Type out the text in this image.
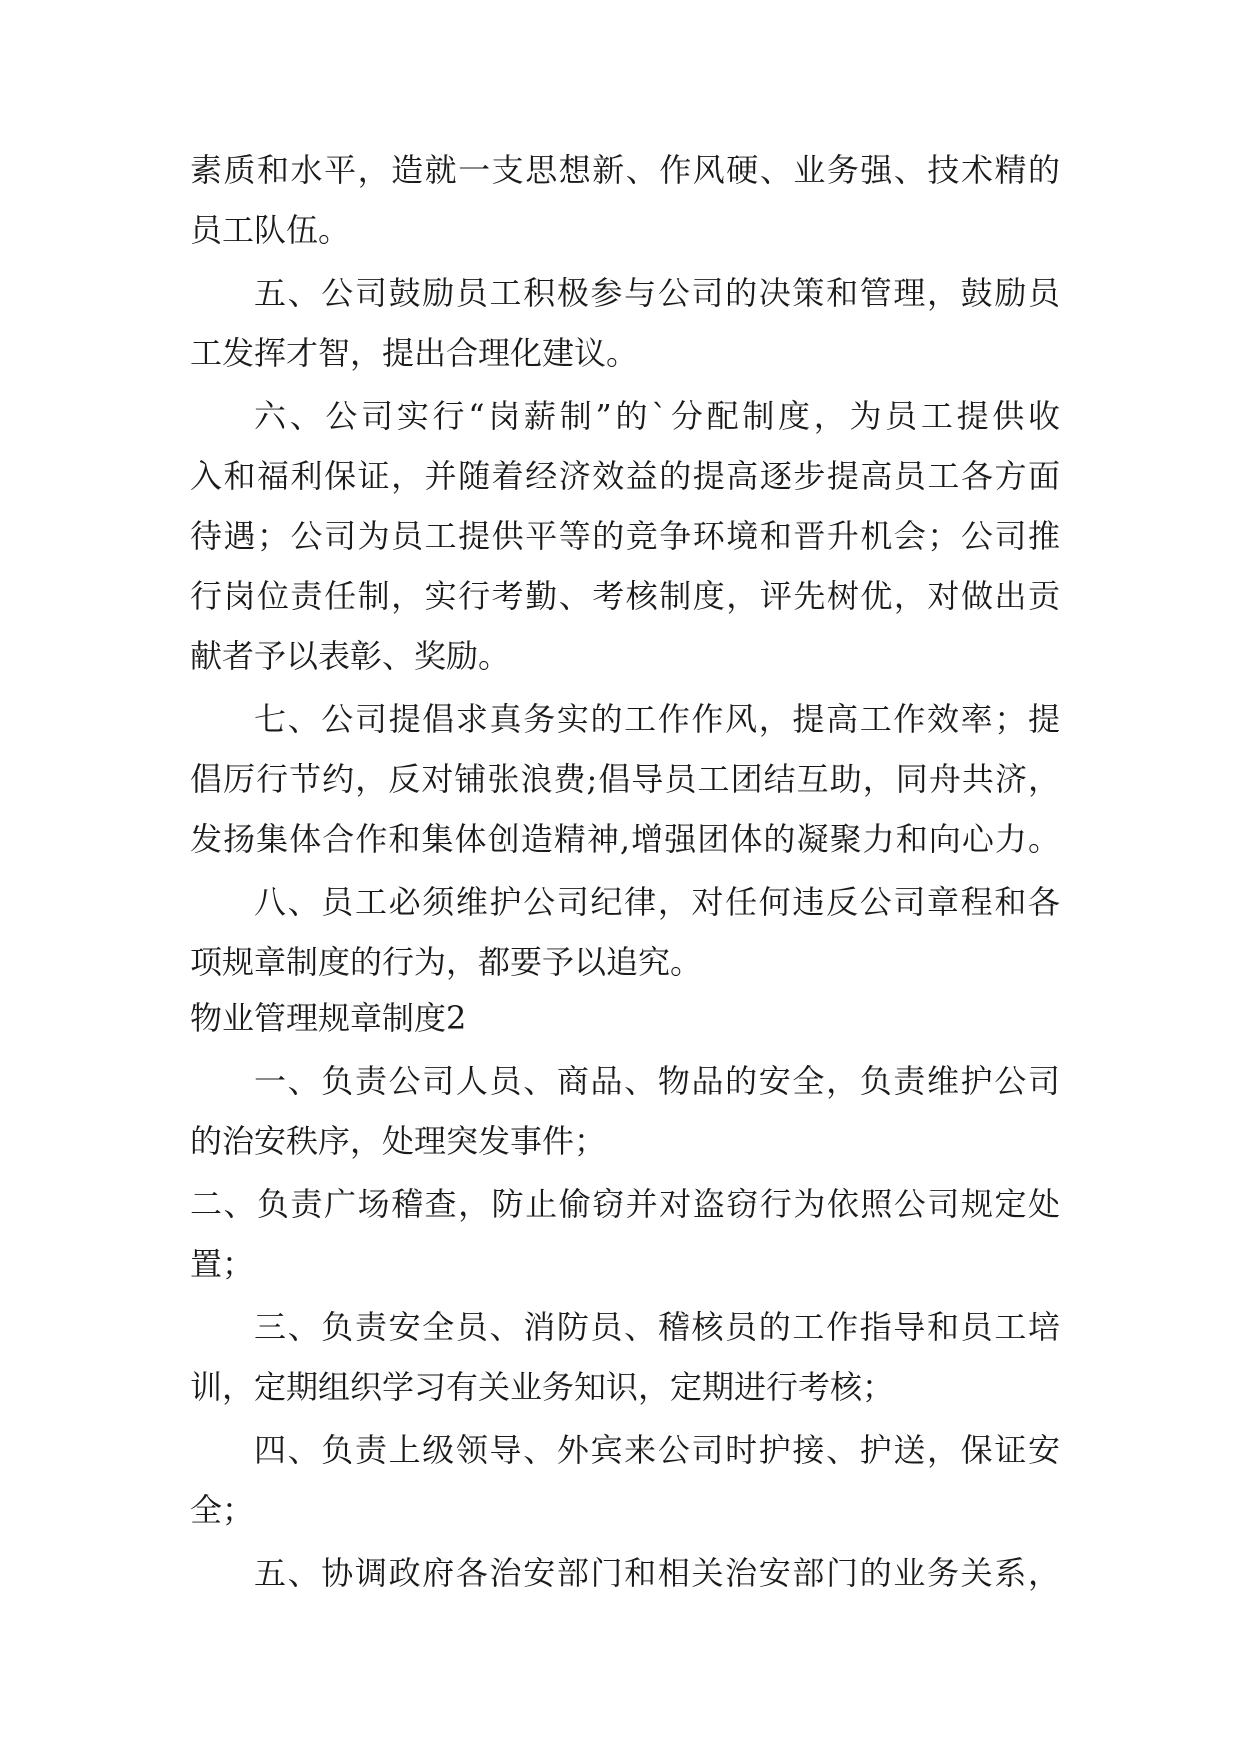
素质和水平，造就一支思想新、作风硬、业务强、技术精的
员工队伍。
五、公司鼓励员工积极参与公司的决策和管理，鼓励员
工发挥才智，提出合理化建议。
六、公司实行“岗薪制”的`分配制度，为员工提供收
入和福利保证，并随着经济效益的提高逐步提高员工各方面
待遇；公司为员工提供平等的竞争环境和晋升机会；公司推
行岗位责任制，实行考勤、考核制度，评先树优，对做出贡
献者予以表彰、奖励。
七、公司提倡求真务实的工作作风，提高工作效率；提
倡厉行节约，反对铺张浪费;倡导员工团结互助，同舟共济，
发扬集体合作和集体创造精神,增强团体的凝聚力和向心力。
八、员工必须维护公司纪律，对任何违反公司章程和各
项规章制度的行为，都要予以追究。
物业管理规章制度2
一、负责公司人员、商品、物品的安全，负责维护公司
的治安秩序，处理突发事件；
二、负责广场稽查，防止偷窃并对盗窃行为依照公司规定处
置；
三、负责安全员、消防员、稽核员的工作指导和员工培
训，定期组织学习有关业务知识，定期进行考核；
四、负责上级领导、外宾来公司时护接、护送，保证安
全；
五、协调政府各治安部门和相关治安部门的业务关系，
